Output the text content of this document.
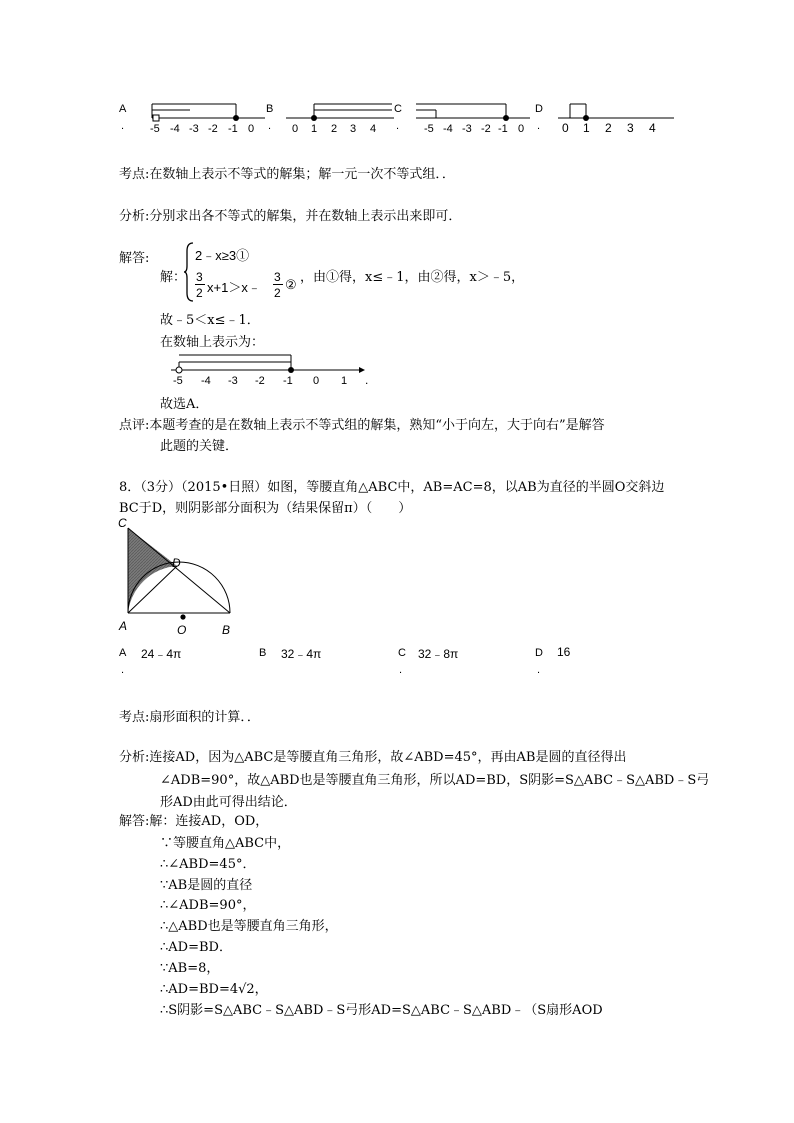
A
. -5 -4 -3 -2 -1 0
B
. 0 1 2 3 4
C
. -5 -4 -3 -2 -1 0
D
. 0 1 2 3 4
考点:在数轴上表示不等式的解集；解一元一次不等式组．．
分析:分别求出各不等式的解集，并在数轴上表示出来即可．
解答:
解：
2﹣x≥3①
3
2 x+1＞x﹣
3
2
② ，由①得，x≤﹣1，由②得，x＞﹣5，
故﹣5＜x≤﹣1．
在数轴上表示为：
-5 -4 -3 -2 -1 0 1 .
故选A．
点评:本题考查的是在数轴上表示不等式组的解集，熟知“小于向左，大于向右”是解答
此题的关键．
8．（3分）（2015•日照）如图，等腰直角△ABC中，AB=AC=8，以AB为直径的半圆O交斜边
BC于D，则阴影部分面积为（结果保留π）（　　）
C
D
A	O	B
A 24﹣4π
.
B 32﹣4π	C 32﹣8π
.
D 16
.
考点:扇形面积的计算．．
分析:连接AD，因为△ABC是等腰直角三角形，故∠ABD=45°，再由AB是圆的直径得出
∠ADB=90°，故△ABD也是等腰直角三角形，所以AD=BD，S阴影=S△ABC﹣S△ABD﹣S弓
形AD由此可得出结论．
解答:解：连接AD，OD，
∵等腰直角△ABC中，
∴∠ABD=45°．
∵AB是圆的直径
∴∠ADB=90°，
∴△ABD也是等腰直角三角形，
∴AD=BD．
∵AB=8，
∴AD=BD=4√2，
∴S阴影=S△ABC﹣S△ABD﹣S弓形AD=S△ABC﹣S△ABD﹣（S扇形AOD
